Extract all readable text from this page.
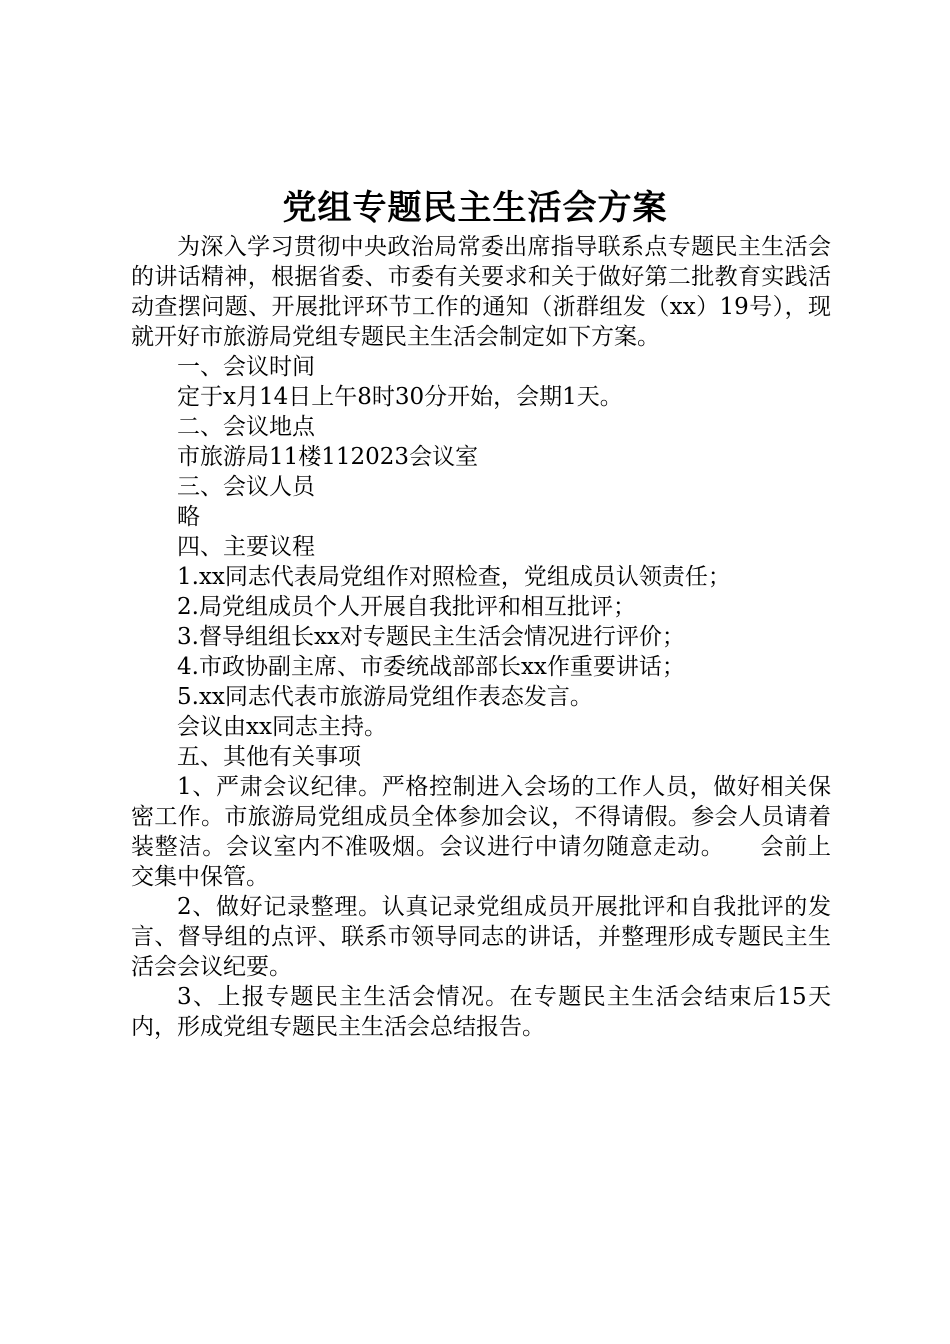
党组专题民主生活会方案

为深入学习贯彻中央政治局常委出席指导联系点专题民主生活会的讲话精神，根据省委、市委有关要求和关于做好第二批教育实践活动查摆问题、开展批评环节工作的通知（浙群组发（xx）19号），现就开好市旅游局党组专题民主生活会制定如下方案。

一、会议时间

定于x月14日上午8时30分开始，会期1天。

二、会议地点

市旅游局11楼112023会议室

三、会议人员

略

四、主要议程

1.xx同志代表局党组作对照检查，党组成员认领责任；

2.局党组成员个人开展自我批评和相互批评；

3.督导组组长xx对专题民主生活会情况进行评价；

4.市政协副主席、市委统战部部长xx作重要讲话；

5.xx同志代表市旅游局党组作表态发言。

会议由xx同志主持。

五、其他有关事项

1、严肃会议纪律。严格控制进入会场的工作人员，做好相关保密工作。市旅游局党组成员全体参加会议，不得请假。参会人员请着装整洁。会议室内不准吸烟。会议进行中请勿随意走动。　　会前上交集中保管。

2、做好记录整理。认真记录党组成员开展批评和自我批评的发言、督导组的点评、联系市领导同志的讲话，并整理形成专题民主生活会会议纪要。

3、上报专题民主生活会情况。在专题民主生活会结束后15天内，形成党组专题民主生活会总结报告。
